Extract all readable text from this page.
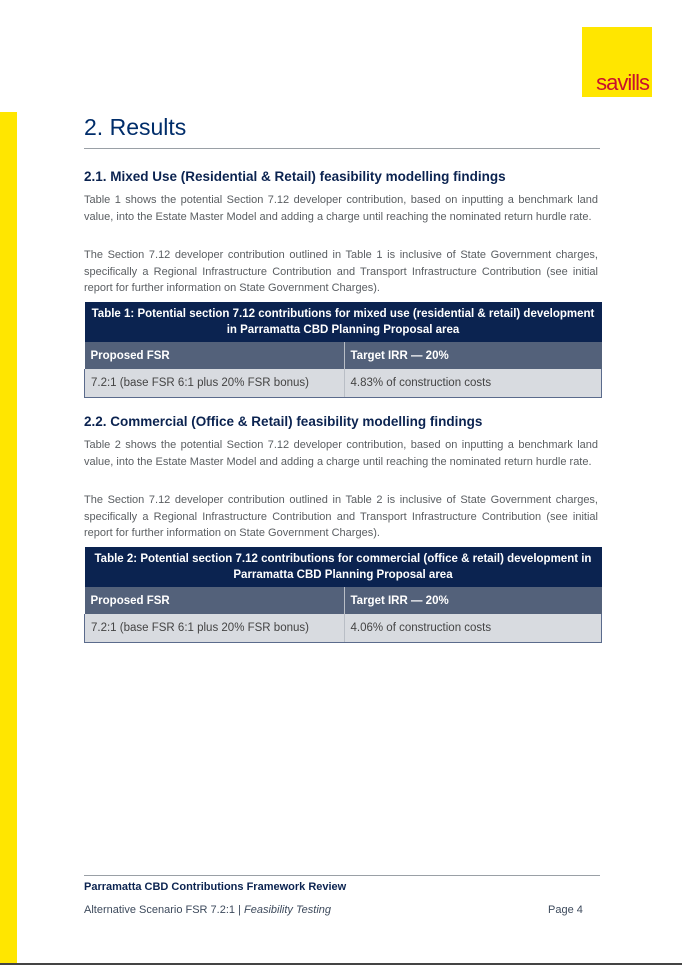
savills
2. Results
2.1. Mixed Use (Residential & Retail) feasibility modelling findings

Table 1 shows the potential Section 7.12 developer contribution, based on inputting a benchmark land value, into the Estate Master Model and adding a charge until reaching the nominated return hurdle rate.

The Section 7.12 developer contribution outlined in Table 1 is inclusive of State Government charges, specifically a Regional Infrastructure Contribution and Transport Infrastructure Contribution (see initial report for further information on State Government Charges).

Table 1: Potential section 7.12 contributions for mixed use (residential & retail) development in Parramatta CBD Planning Proposal area	
Proposed FSR	Target IRR — 20%
7.2:1 (base FSR 6:1 plus 20% FSR bonus)	4.83% of construction costs
2.2. Commercial (Office & Retail) feasibility modelling findings

Table 2 shows the potential Section 7.12 developer contribution, based on inputting a benchmark land value, into the Estate Master Model and adding a charge until reaching the nominated return hurdle rate.

The Section 7.12 developer contribution outlined in Table 2 is inclusive of State Government charges, specifically a Regional Infrastructure Contribution and Transport Infrastructure Contribution (see initial report for further information on State Government Charges).

Table 2: Potential section 7.12 contributions for commercial (office & retail) development in Parramatta CBD Planning Proposal area	
Proposed FSR	Target IRR — 20%
7.2:1 (base FSR 6:1 plus 20% FSR bonus)	4.06% of construction costs
Parramatta CBD Contributions Framework Review
Alternative Scenario FSR 7.2:1 | Feasibility Testing	Page 4
